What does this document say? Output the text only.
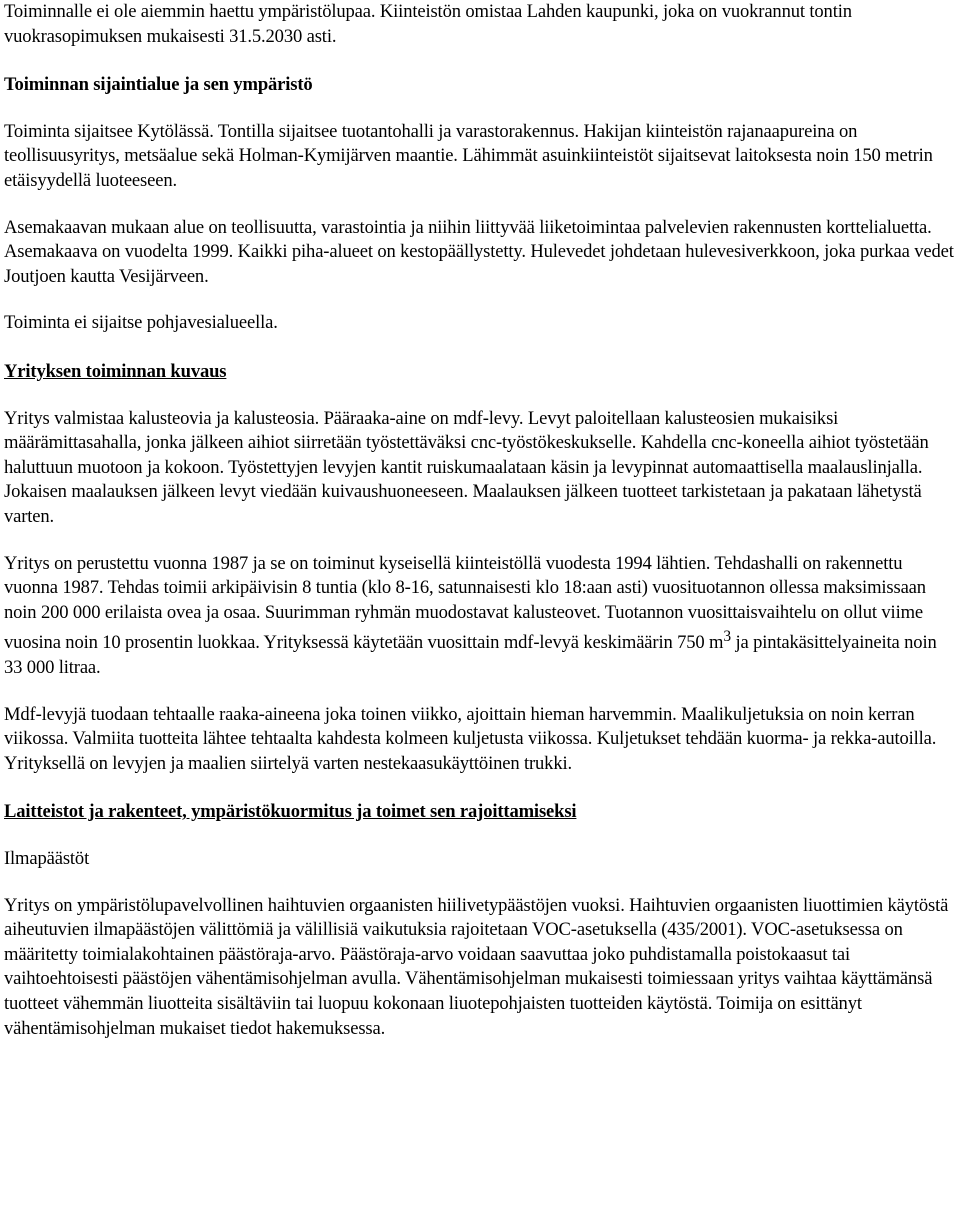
Toiminnalle ei ole aiemmin haettu ympäristölupaa. Kiinteistön omistaa Lahden kaupunki, joka on vuokrannut tontin vuokrasopimuksen mukaisesti 31.5.2030 asti.

Toiminnan sijaintialue ja sen ympäristö

Toiminta sijaitsee Kytölässä. Tontilla sijaitsee tuotantohalli ja varastorakennus. Hakijan kiinteistön rajanaapureina on teollisuusyritys, metsäalue sekä Holman-Kymijärven maantie. Lähimmät asuinkiinteistöt sijaitsevat laitoksesta noin 150 metrin etäisyydellä luoteeseen.

Asemakaavan mukaan alue on teollisuutta, varastointia ja niihin liittyvää liiketoimintaa palvelevien rakennusten korttelialuetta. Asemakaava on vuodelta 1999. Kaikki piha-alueet on kestopäällystetty. Hulevedet johdetaan hulevesiverkkoon, joka purkaa vedet Joutjoen kautta Vesijärveen.

Toiminta ei sijaitse pohjavesialueella.

Yrityksen toiminnan kuvaus

Yritys valmistaa kalusteovia ja kalusteosia. Pääraaka-aine on mdf-levy. Levyt paloitellaan kalusteosien mukaisiksi määrämittasahalla, jonka jälkeen aihiot siirretään työstettäväksi cnc-työstökeskukselle. Kahdella cnc-koneella aihiot työstetään haluttuun muotoon ja kokoon. Työstettyjen levyjen kantit ruiskumaalataan käsin ja levypinnat automaattisella maalauslinjalla. Jokaisen maalauksen jälkeen levyt viedään kuivaushuoneeseen. Maalauksen jälkeen tuotteet tarkistetaan ja pakataan lähetystä varten.

Yritys on perustettu vuonna 1987 ja se on toiminut kyseisellä kiinteistöllä vuodesta 1994 lähtien. Tehdashalli on rakennettu vuonna 1987. Tehdas toimii arkipäivisin 8 tuntia (klo 8-16, satunnaisesti klo 18:aan asti) vuosituotannon ollessa maksimissaan noin 200 000 erilaista ovea ja osaa. Suurimman ryhmän muodostavat kalusteovet. Tuotannon vuosittaisvaihtelu on ollut viime vuosina noin 10 prosentin luokkaa. Yrityksessä käytetään vuosittain mdf-levyä keskimäärin 750 $m^3$ ja pintakäsittelyaineita noin 33 000 litraa.

Mdf-levyjä tuodaan tehtaalle raaka-aineena joka toinen viikko, ajoittain hieman harvemmin. Maalikuljetuksia on noin kerran viikossa. Valmiita tuotteita lähtee tehtaalta kahdesta kolmeen kuljetusta viikossa. Kuljetukset tehdään kuorma- ja rekka-autoilla. Yrityksellä on levyjen ja maalien siirtelyä varten nestekaasukäyttöinen trukki.

Laitteistot ja rakenteet, ympäristökuormitus ja toimet sen rajoittamiseksi

Ilmapäästöt

Yritys on ympäristölupavelvollinen haihtuvien orgaanisten hiilivetypäästöjen vuoksi. Haihtuvien orgaanisten liuottimien käytöstä aiheutuvien ilmapäästöjen välittömiä ja välillisiä vaikutuksia rajoitetaan VOC-asetuksella (435/2001). VOC-asetuksessa on määritetty toimialakohtainen päästöraja-arvo. Päästöraja-arvo voidaan saavuttaa joko puhdistamalla poistokaasut tai vaihtoehtoisesti päästöjen vähentämisohjelman avulla. Vähentämisohjelman mukaisesti toimiessaan yritys vaihtaa käyttämänsä tuotteet vähemmän liuotteita sisältäviin tai luopuu kokonaan liuotepohjaisten tuotteiden käytöstä. Toimija on esittänyt vähentämisohjelman mukaiset tiedot hakemuksessa.
